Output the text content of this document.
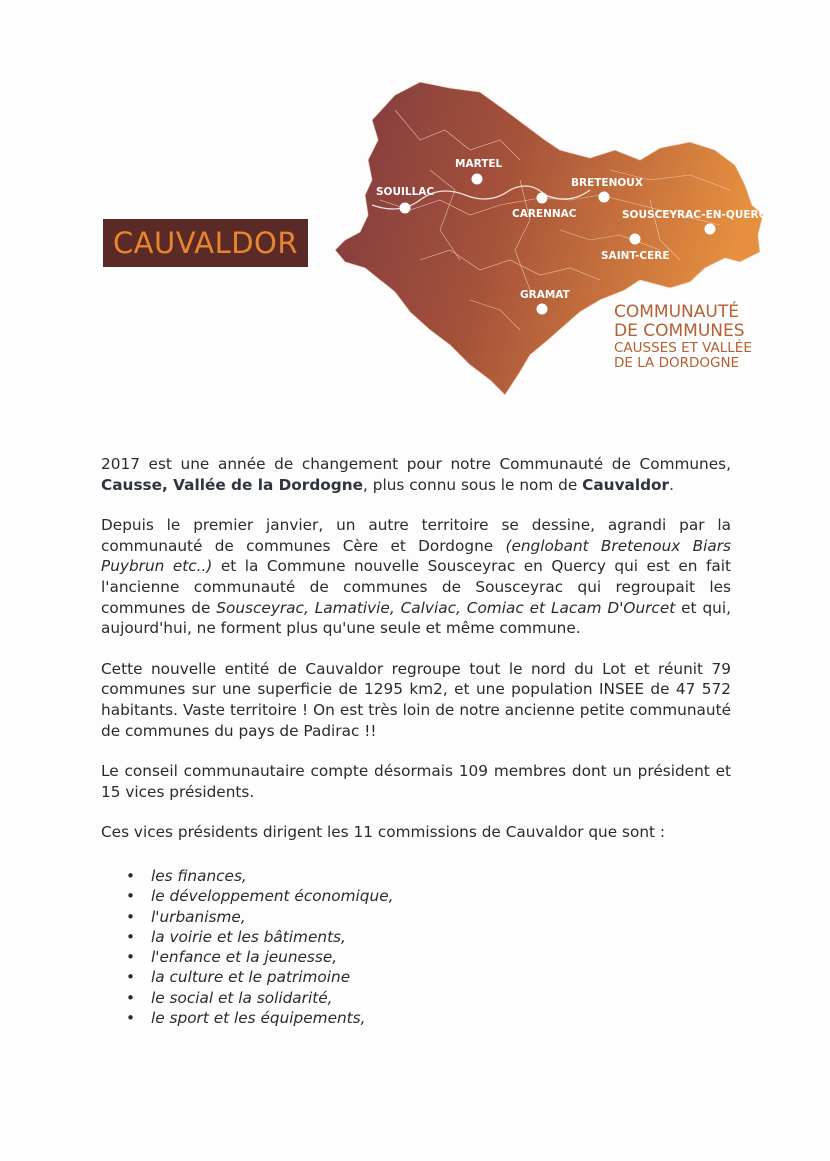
SOUILLAC
MARTEL
CARENNAC
BRETENOUX
SOUSCEYRAC-EN-QUERCY
SAINT-CERE
GRAMAT
CAUVALDOR
COMMUNAUTÉ
DE COMMUNES
CAUSSES ET VALLÉE
DE LA DORDOGNE

2017 est une année de changement pour notre Communauté de Communes, Causse, Vallée de la Dordogne, plus connu sous le nom de Cauvaldor.

Depuis le premier janvier, un autre territoire se dessine, agrandi par la communauté de communes Cère et Dordogne (englobant Bretenoux Biars Puybrun etc..) et la Commune nouvelle Sousceyrac en Quercy qui est en fait l'ancienne communauté de communes de Sousceyrac qui regroupait les communes de Sousceyrac, Lamativie, Calviac, Comiac et Lacam D'Ourcet et qui, aujourd'hui, ne forment plus qu'une seule et même commune.

Cette nouvelle entité de Cauvaldor regroupe tout le nord du Lot et réunit 79 communes sur une superficie de 1295 km2, et une population INSEE de 47 572 habitants. Vaste territoire ! On est très loin de notre ancienne petite communauté de communes du pays de Padirac !!

Le conseil communautaire compte désormais 109 membres dont un président et 15 vices présidents.

Ces vices présidents dirigent les 11 commissions de Cauvaldor que sont :

• les finances,
• le développement économique,
• l'urbanisme,
• la voirie et les bâtiments,
• l'enfance et la jeunesse,
• la culture et le patrimoine
• le social et la solidarité,
• le sport et les équipements,
